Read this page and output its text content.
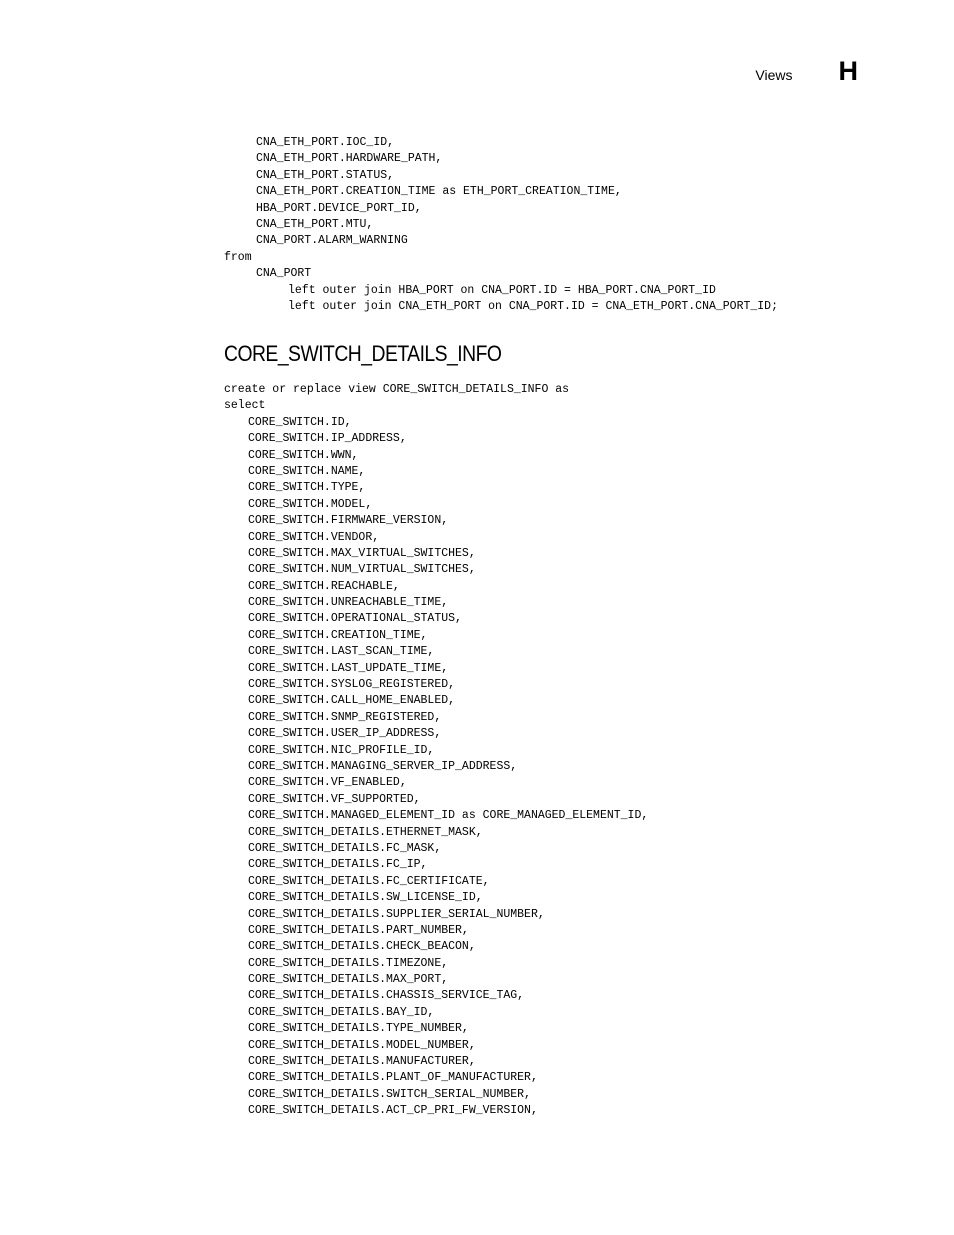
Views H
CNA_ETH_PORT.IOC_ID,
CNA_ETH_PORT.HARDWARE_PATH,
CNA_ETH_PORT.STATUS,
CNA_ETH_PORT.CREATION_TIME as ETH_PORT_CREATION_TIME,
HBA_PORT.DEVICE_PORT_ID,
CNA_ETH_PORT.MTU,
CNA_PORT.ALARM_WARNING
from
CNA_PORT
left outer join HBA_PORT on CNA_PORT.ID = HBA_PORT.CNA_PORT_ID
left outer join CNA_ETH_PORT on CNA_PORT.ID = CNA_ETH_PORT.CNA_PORT_ID;
CORE_SWITCH_DETAILS_INFO
create or replace view CORE_SWITCH_DETAILS_INFO as
select
CORE_SWITCH.ID,
CORE_SWITCH.IP_ADDRESS,
CORE_SWITCH.WWN,
CORE_SWITCH.NAME,
CORE_SWITCH.TYPE,
CORE_SWITCH.MODEL,
CORE_SWITCH.FIRMWARE_VERSION,
CORE_SWITCH.VENDOR,
CORE_SWITCH.MAX_VIRTUAL_SWITCHES,
CORE_SWITCH.NUM_VIRTUAL_SWITCHES,
CORE_SWITCH.REACHABLE,
CORE_SWITCH.UNREACHABLE_TIME,
CORE_SWITCH.OPERATIONAL_STATUS,
CORE_SWITCH.CREATION_TIME,
CORE_SWITCH.LAST_SCAN_TIME,
CORE_SWITCH.LAST_UPDATE_TIME,
CORE_SWITCH.SYSLOG_REGISTERED,
CORE_SWITCH.CALL_HOME_ENABLED,
CORE_SWITCH.SNMP_REGISTERED,
CORE_SWITCH.USER_IP_ADDRESS,
CORE_SWITCH.NIC_PROFILE_ID,
CORE_SWITCH.MANAGING_SERVER_IP_ADDRESS,
CORE_SWITCH.VF_ENABLED,
CORE_SWITCH.VF_SUPPORTED,
CORE_SWITCH.MANAGED_ELEMENT_ID as CORE_MANAGED_ELEMENT_ID,
CORE_SWITCH_DETAILS.ETHERNET_MASK,
CORE_SWITCH_DETAILS.FC_MASK,
CORE_SWITCH_DETAILS.FC_IP,
CORE_SWITCH_DETAILS.FC_CERTIFICATE,
CORE_SWITCH_DETAILS.SW_LICENSE_ID,
CORE_SWITCH_DETAILS.SUPPLIER_SERIAL_NUMBER,
CORE_SWITCH_DETAILS.PART_NUMBER,
CORE_SWITCH_DETAILS.CHECK_BEACON,
CORE_SWITCH_DETAILS.TIMEZONE,
CORE_SWITCH_DETAILS.MAX_PORT,
CORE_SWITCH_DETAILS.CHASSIS_SERVICE_TAG,
CORE_SWITCH_DETAILS.BAY_ID,
CORE_SWITCH_DETAILS.TYPE_NUMBER,
CORE_SWITCH_DETAILS.MODEL_NUMBER,
CORE_SWITCH_DETAILS.MANUFACTURER,
CORE_SWITCH_DETAILS.PLANT_OF_MANUFACTURER,
CORE_SWITCH_DETAILS.SWITCH_SERIAL_NUMBER,
CORE_SWITCH_DETAILS.ACT_CP_PRI_FW_VERSION,
